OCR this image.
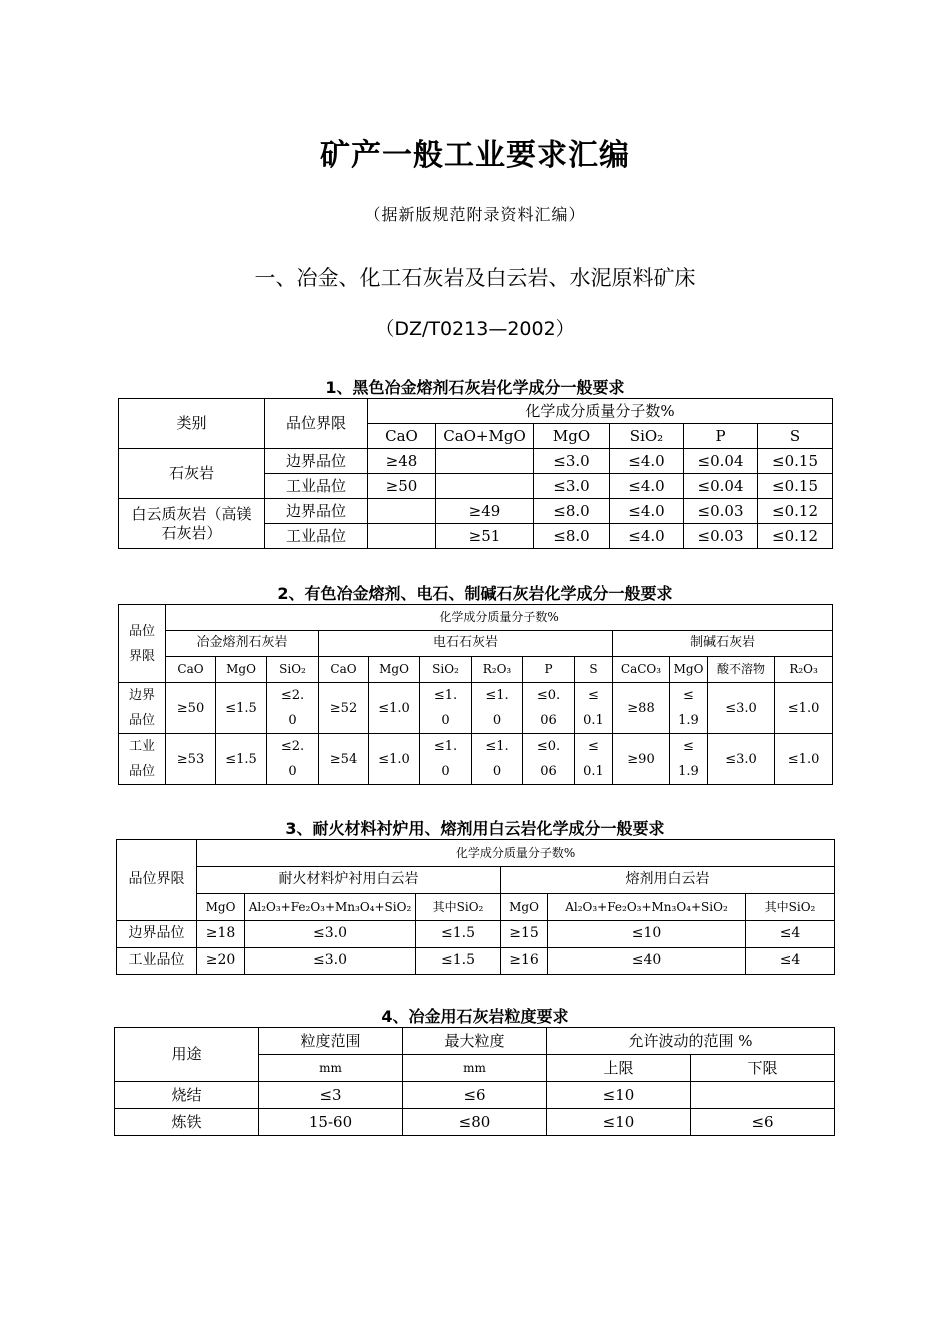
矿产一般工业要求汇编
（据新版规范附录资料汇编）
一、冶金、化工石灰岩及白云岩、水泥原料矿床
（DZ/T0213—2002）
1、黑色冶金熔剂石灰岩化学成分一般要求
类别	品位界限	化学成分质量分子数%					
		CaO	CaO+MgO	MgO	SiO₂	P	S
石灰岩	边界品位	≥48		≤3.0	≤4.0	≤0.04	≤0.15
	工业品位	≥50		≤3.0	≤4.0	≤0.04	≤0.15
白云质灰岩（高镁石灰岩）	边界品位		≥49	≤8.0	≤4.0	≤0.03	≤0.12
	工业品位		≥51	≤8.0	≤4.0	≤0.03	≤0.12
2、有色冶金熔剂、电石、制碱石灰岩化学成分一般要求
品位界限	化学成分质量分子数%												
	冶金熔剂石灰岩			电石石灰岩						制碱石灰岩			
	CaO	MgO	SiO₂	CaO	MgO	SiO₂	R₂O₃	P	S	CaCO₃	MgO	酸不溶物	R₂O₃
边界品位	≥50	≤1.5	≤2.0	≥52	≤1.0	≤1.0	≤1.0	≤0.06	≤0.1	≥88	≤1.9	≤3.0	≤1.0
工业品位	≥53	≤1.5	≤2.0	≥54	≤1.0	≤1.0	≤1.0	≤0.06	≤0.1	≥90	≤1.9	≤3.0	≤1.0
3、耐火材料衬炉用、熔剂用白云岩化学成分一般要求
品位界限	化学成分质量分子数%					
	耐火材料炉衬用白云岩			熔剂用白云岩		
	MgO	Al₂O₃+Fe₂O₃+Mn₃O₄+SiO₂	其中SiO₂	MgO	Al₂O₃+Fe₂O₃+Mn₃O₄+SiO₂	其中SiO₂
边界品位	≥18	≤3.0	≤1.5	≥15	≤10	≤4
工业品位	≥20	≤3.0	≤1.5	≥16	≤40	≤4
4、冶金用石灰岩粒度要求
用途	粒度范围	最大粒度	允许波动的范围 %	
	mm	mm	上限	下限
烧结	≤3	≤6	≤10	
炼铁	15-60	≤80	≤10	≤6
